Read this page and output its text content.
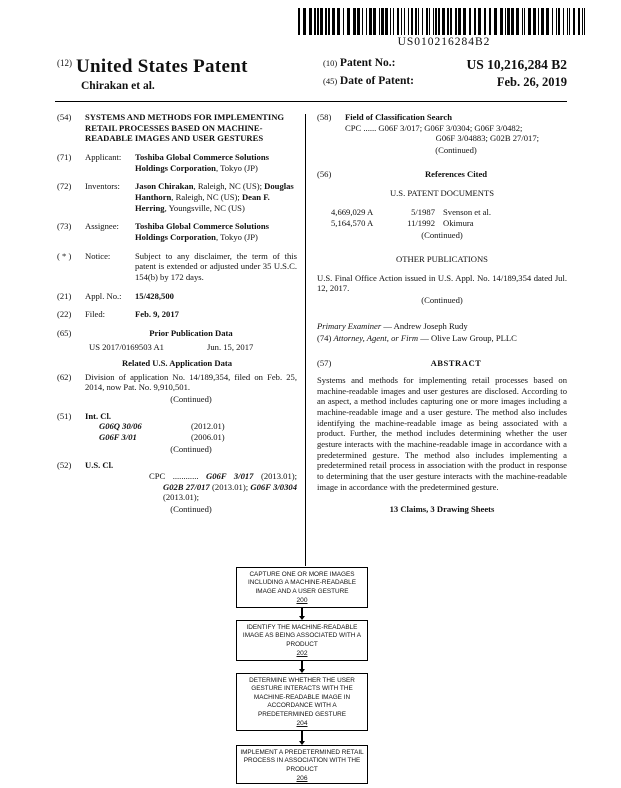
US010216284B2
$^{(12)}$ United States Patent
Chirakan et al.
(10) Patent No.:	US 10,216,284 B2
(45) Date of Patent:	Feb. 26, 2019
(54)	SYSTEMS AND METHODS FOR IMPLEMENTING RETAIL PROCESSES BASED ON MACHINE-READABLE IMAGES AND USER GESTURES
(71)	Applicant:	Toshiba Global Commerce Solutions Holdings Corporation, Tokyo (JP)
(72)	Inventors:	Jason Chirakan, Raleigh, NC (US); Douglas Hanthorn, Raleigh, NC (US); Dean F. Herring, Youngsville, NC (US)
(73)	Assignee:	Toshiba Global Commerce Solutions Holdings Corporation, Tokyo (JP)
( * )	Notice:	Subject to any disclaimer, the term of this patent is extended or adjusted under 35 U.S.C. 154(b) by 172 days.
(21)	Appl. No.:	15/428,500
(22)	Filed:	Feb. 9, 2017
(65)	Prior Publication Data
US 2017/0169503 A1	Jun. 15, 2017
Related U.S. Application Data
(62)	Division of application No. 14/189,354, filed on Feb. 25, 2014, now Pat. No. 9,910,501.
(Continued)
(51)	Int. Cl.
G06Q 30/06	(2012.01)
G06F 3/01	(2006.01)
(Continued)
(52)	U.S. Cl.
CPC ............ G06F 3/017 (2013.01); G02B 27/017 (2013.01); G06F 3/0304 (2013.01);
(Continued)
(58)	Field of Classification Search
CPC ...... G06F 3/017; G06F 3/0304; G06F 3/0482;
G06F 3/04883; G02B 27/017;
(Continued)
(56)	References Cited
U.S. PATENT DOCUMENTS
4,669,029 A	5/1987 Svenson et al.
5,164,570 A	11/1992 Okimura
(Continued)
OTHER PUBLICATIONS
U.S. Final Office Action issued in U.S. Appl. No. 14/189,354 dated Jul. 12, 2017.
(Continued)
Primary Examiner — Andrew Joseph Rudy
(74) Attorney, Agent, or Firm — Olive Law Group, PLLC
(57)	ABSTRACT
Systems and methods for implementing retail processes based on machine-readable images and user gestures are disclosed. According to an aspect, a method includes capturing one or more images including a machine-readable image and a user gesture. The method also includes identifying the machine-readable image as being associated with a product. Further, the method includes determining whether the user gesture interacts with the machine-readable image in accordance with a predetermined gesture. The method also includes implementing a predetermined retail process in association with the product in response to determining that the user gesture interacts with the machine-readable image in accordance with the predetermined gesture.
13 Claims, 3 Drawing Sheets
CAPTURE ONE OR MORE IMAGES INCLUDING A MACHINE-READABLE IMAGE AND A USER GESTURE
200
IDENTIFY THE MACHINE-READABLE IMAGE AS BEING ASSOCIATED WITH A PRODUCT
202
DETERMINE WHETHER THE USER GESTURE INTERACTS WITH THE MACHINE-READABLE IMAGE IN ACCORDANCE WITH A PREDETERMINED GESTURE
204
IMPLEMENT A PREDETERMINED RETAIL PROCESS IN ASSOCIATION WITH THE PRODUCT
206
